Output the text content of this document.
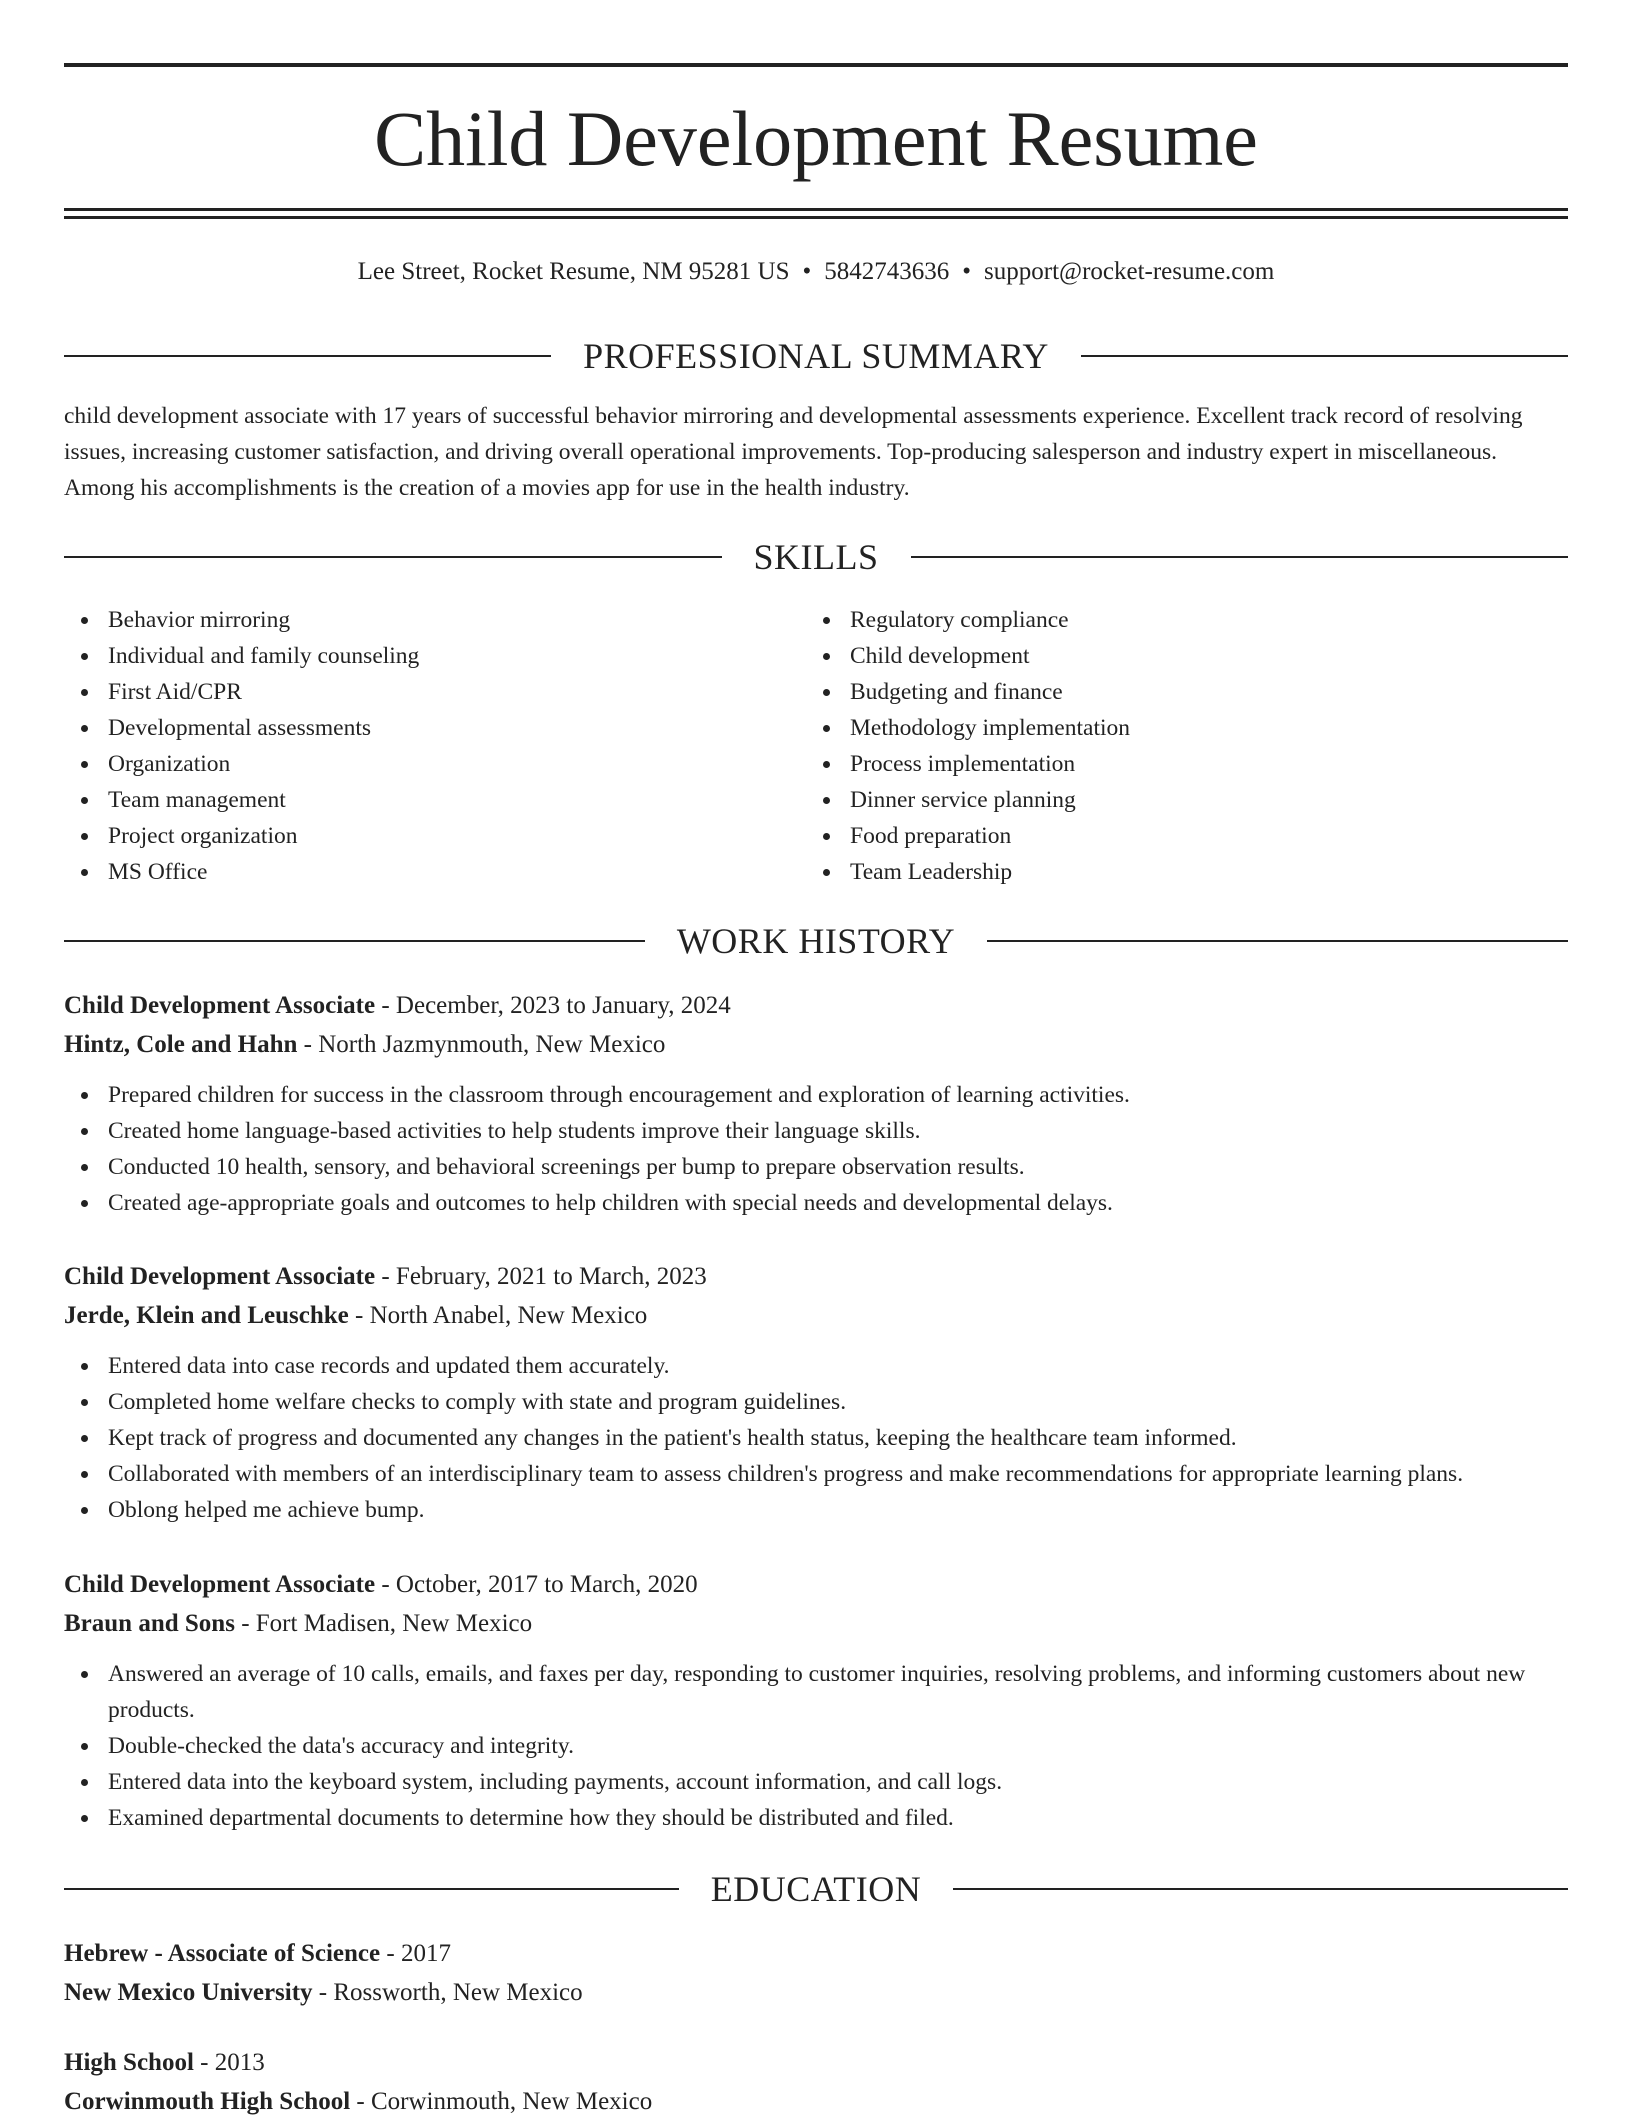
Child Development Resume
Lee Street, Rocket Resume, NM 95281 US • 5842743636 • support@rocket-resume.com
PROFESSIONAL SUMMARY

child development associate with 17 years of successful behavior mirroring and developmental assessments experience. Excellent track record of resolving issues, increasing customer satisfaction, and driving overall operational improvements. Top-producing salesperson and industry expert in miscellaneous. Among his accomplishments is the creation of a movies app for use in the health industry.

SKILLS
Behavior mirroring
Individual and family counseling
First Aid/CPR
Developmental assessments
Organization
Team management
Project organization
MS Office
Regulatory compliance
Child development
Budgeting and finance
Methodology implementation
Process implementation
Dinner service planning
Food preparation
Team Leadership
WORK HISTORY

Child Development Associate - December, 2023 to January, 2024

Hintz, Cole and Hahn - North Jazmynmouth, New Mexico

Prepared children for success in the classroom through encouragement and exploration of learning activities.
Created home language-based activities to help students improve their language skills.
Conducted 10 health, sensory, and behavioral screenings per bump to prepare observation results.
Created age-appropriate goals and outcomes to help children with special needs and developmental delays.

Child Development Associate - February, 2021 to March, 2023

Jerde, Klein and Leuschke - North Anabel, New Mexico

Entered data into case records and updated them accurately.
Completed home welfare checks to comply with state and program guidelines.
Kept track of progress and documented any changes in the patient's health status, keeping the healthcare team informed.
Collaborated with members of an interdisciplinary team to assess children's progress and make recommendations for appropriate learning plans.
Oblong helped me achieve bump.

Child Development Associate - October, 2017 to March, 2020

Braun and Sons - Fort Madisen, New Mexico

Answered an average of 10 calls, emails, and faxes per day, responding to customer inquiries, resolving problems, and informing customers about new products.
Double-checked the data's accuracy and integrity.
Entered data into the keyboard system, including payments, account information, and call logs.
Examined departmental documents to determine how they should be distributed and filed.
EDUCATION

Hebrew - Associate of Science - 2017

New Mexico University - Rossworth, New Mexico

High School - 2013

Corwinmouth High School - Corwinmouth, New Mexico
